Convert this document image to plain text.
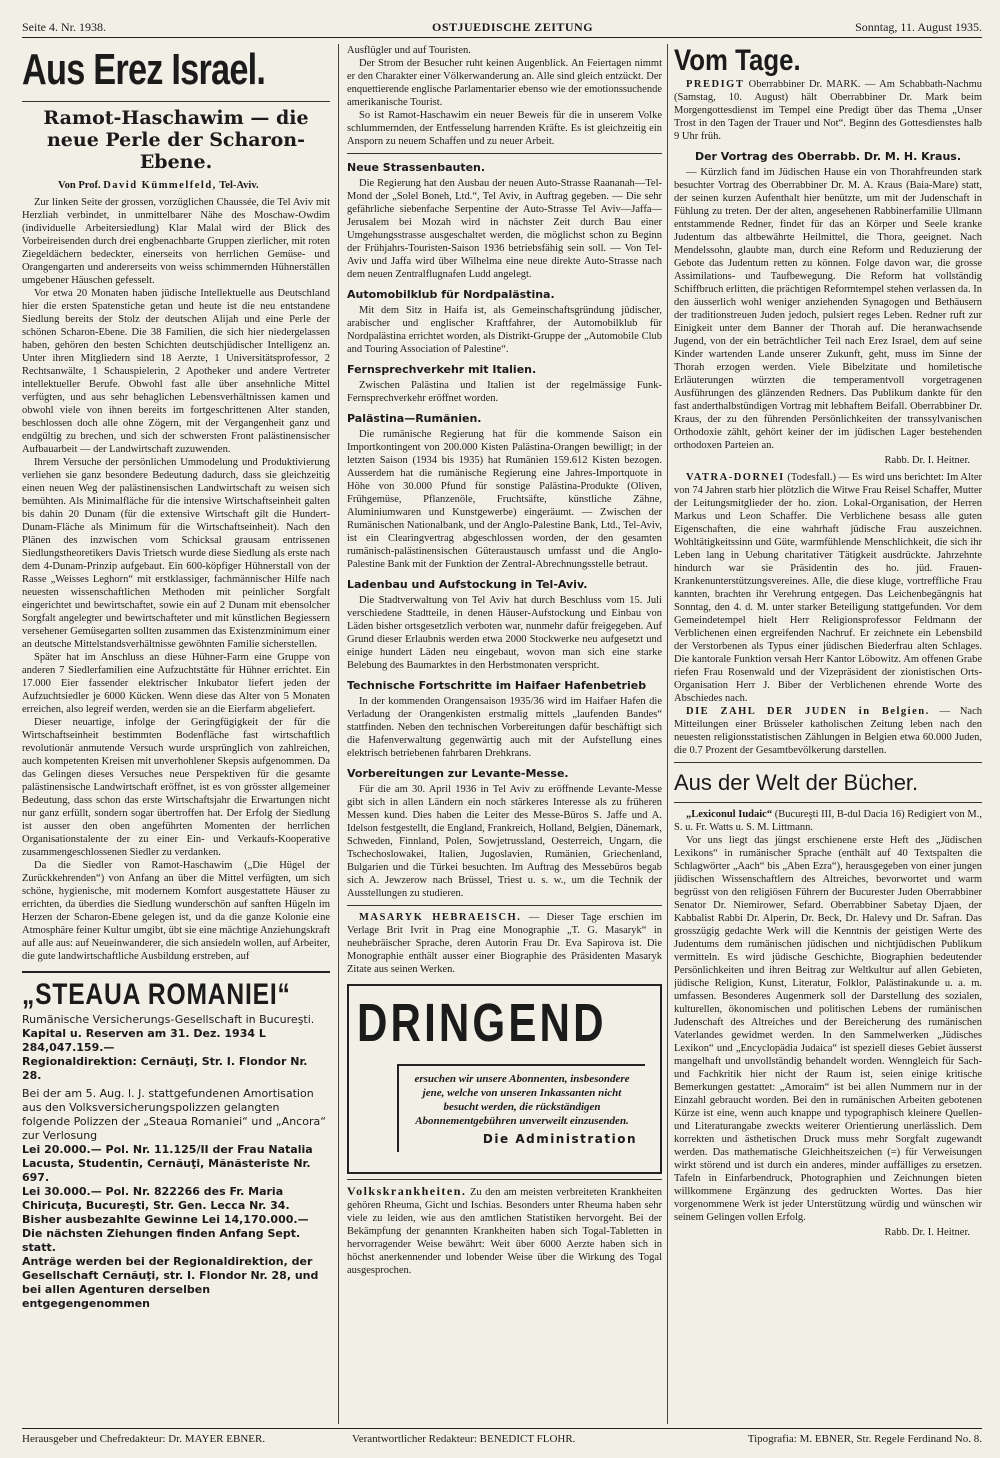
Seite 4. Nr. 1938.	OSTJUEDISCHE ZEITUNG	Sonntag, 11. August 1935.
Aus Erez Israel.
Ramot-Haschawim — die neue Perle der Scharon-Ebene.
Von Prof. David Kümmelfeld, Tel-Aviv.

Zur linken Seite der grossen, vorzüglichen Chaussée, die Tel Aviv mit Herzliah verbindet, in unmittelbarer Nähe des Moschaw-Owdim (individuelle Arbeitersiedlung) Klar Malal wird der Blick des Vorbeireisenden durch drei engbenachbarte Gruppen zierlicher, mit roten Ziegeldächern bedeckter, einerseits von herrlichen Gemüse- und Orangengarten und andererseits von weiss schimmernden Hühnerställen umgebener Häuschen gefesselt.

Vor etwa 20 Monaten haben jüdische Intellektuelle aus Deutschland hier die ersten Spatenstiche getan und heute ist die neu entstandene Siedlung bereits der Stolz der deutschen Alijah und eine Perle der schönen Scharon-Ebene. Die 38 Familien, die sich hier niedergelassen haben, gehören den besten Schichten deutschjüdischer Intelligenz an. Unter ihren Mitgliedern sind 18 Aerzte, 1 Universitätsprofessor, 2 Rechtsanwälte, 1 Schauspielerin, 2 Apotheker und andere Vertreter intellektueller Berufe. Obwohl fast alle über ansehnliche Mittel verfügten, und aus sehr behaglichen Lebensverhältnissen kamen und obwohl viele von ihnen bereits im fortgeschrittenen Alter standen, beschlossen doch alle ohne Zögern, mit der Vergangenheit ganz und endgültig zu brechen, und sich der schwersten Front palästinensischer Aufbauarbeit — der Landwirtschaft zuzuwenden.

Ihrem Versuche der persönlichen Ummodelung und Produktivierung verliehen sie ganz besondere Bedeutung dadurch, dass sie gleichzeitig einen neuen Weg der palästinensischen Landwirtschaft zu weisen sich bemühten. Als Minimalfläche für die intensive Wirtschaftseinheit galten bis dahin 20 Dunam (für die extensive Wirtschaft gilt die Hundert-Dunam-Fläche als Minimum für die Wirtschaftseinheit). Nach den Plänen des inzwischen vom Schicksal grausam entrissenen Siedlungstheoretikers Davis Trietsch wurde diese Siedlung als erste nach dem 4-Dunam-Prinzip aufgebaut. Ein 600-köpfiger Hühnerstall von der Rasse „Weisses Leghorn“ mit erstklassiger, fachmännischer Hilfe nach neuesten wissenschaftlichen Methoden mit peinlicher Sorgfalt eingerichtet und bewirtschaftet, sowie ein auf 2 Dunam mit ebensolcher Sorgfalt angelegter und bewirtschafteter und mit künstlichen Begiessern versehener Gemüsegarten sollten zusammen das Existenzminimum einer an deutsche Mittelstandsverhältnisse gewöhnten Familie sicherstellen.

Später hat im Anschluss an diese Hühner-Farm eine Gruppe von anderen 7 Siedlerfamilien eine Aufzuchtstätte für Hühner errichtet. Ein 17.000 Eier fassender elektrischer Inkubator liefert jeden der Aufzuchtsiedler je 6000 Kücken. Wenn diese das Alter von 5 Monaten erreichen, also legreif werden, werden sie an die Eierfarm abgeliefert.

Dieser neuartige, infolge der Geringfügigkeit der für die Wirtschaftseinheit bestimmten Bodenfläche fast wirtschaftlich revolutionär anmutende Versuch wurde ursprünglich von zahlreichen, auch kompetenten Kreisen mit unverhohlener Skepsis aufgenommen. Da das Gelingen dieses Versuches neue Perspektiven für die gesamte palästinensische Landwirtschaft eröffnet, ist es von grösster allgemeiner Bedeutung, dass schon das erste Wirtschaftsjahr die Erwartungen nicht nur ganz erfüllt, sondern sogar übertroffen hat. Der Erfolg der Siedlung ist ausser den oben angeführten Momenten der herrlichen Organisationstalente der zu einer Ein- und Verkaufs-Kooperative zusammengeschlossenen Siedler zu verdanken.

Da die Siedler von Ramot-Haschawim („Die Hügel der Zurückkehrenden“) von Anfang an über die Mittel verfügten, um sich schöne, hygienische, mit modernem Komfort ausgestattete Häuser zu errichten, da überdies die Siedlung wunderschön auf sanften Hügeln im Herzen der Scharon-Ebene gelegen ist, und da die ganze Kolonie eine Atmosphäre feiner Kultur umgibt, übt sie eine mächtige Anziehungskraft auf alle aus: auf Neueinwanderer, die sich ansiedeln wollen, auf Arbeiter, die gute landwirtschaftliche Ausbildung erstreben, auf

„STEAUA ROMANIEI“
Rumänische Versicherungs-Gesellschaft in Bucureşti.
Kapital u. Reserven am 31. Dez. 1934 L 284,047.159.—
Regionaldirektion: Cernăuţi, Str. I. Flondor Nr. 28.
Bei der am 5. Aug. l. J. stattgefundenen Amortisation aus den Volksversicherungspolizzen gelangten folgende Polizzen der „Steaua Romaniei“ und „Ancora“ zur Verlosung
Lei 20.000.— Pol. Nr. 11.125/II der Frau Natalia Lacusta, Studentin, Cernăuţi, Mănăsteriste Nr. 697.
Lei 30.000.— Pol. Nr. 822266 des Fr. Maria Chiricuţa, Bucureşti, Str. Gen. Lecca Nr. 34.
Bisher ausbezahlte Gewinne Lei 14,170.000.—
Die nächsten Ziehungen finden Anfang Sept. statt.
Anträge werden bei der Regionaldirektion, der Gesellschaft Cernăuţi, str. I. Flondor Nr. 28, und bei allen Agenturen derselben entgegengenommen

Ausflügler und auf Touristen.

Der Strom der Besucher ruht keinen Augenblick. An Feiertagen nimmt er den Charakter einer Völkerwanderung an. Alle sind gleich entzückt. Der enquettierende englische Parlamentarier ebenso wie der emotionssuchende amerikanische Tourist.

So ist Ramot-Haschawim ein neuer Beweis für die in unserem Volke schlummernden, der Entfesselung harrenden Kräfte. Es ist gleichzeitig ein Ansporn zu neuem Schaffen und zu neuer Arbeit.

Neue Strassenbauten.

Die Regierung hat den Ausbau der neuen Auto-Strasse Raananah—Tel-Mond der „Solel Boneh, Ltd.“, Tel Aviv, in Auftrag gegeben. — Die sehr gefährliche siebenfache Serpentine der Auto-Strasse Tel Aviv—Jaffa—Jerusalem bei Mozah wird in nächster Zeit durch Bau einer Umgehungsstrasse ausgeschaltet werden, die möglichst schon zu Beginn der Frühjahrs-Touristen-Saison 1936 betriebsfähig sein soll. — Von Tel-Aviv und Jaffa wird über Wilhelma eine neue direkte Auto-Strasse nach dem neuen Zentralflugnafen Ludd angelegt.

Automobilklub für Nordpalästina.

Mit dem Sitz in Haifa ist, als Gemeinschaftsgründung jüdischer, arabischer und englischer Kraftfahrer, der Automobilklub für Nordpalästina errichtet worden, als Distrikt-Gruppe der „Automobile Club and Touring Association of Palestine“.

Fernsprechverkehr mit Italien.

Zwischen Palästina und Italien ist der regelmässige Funk-Fernsprechverkehr eröffnet worden.

Palästina—Rumänien.

Die rumänische Regierung hat für die kommende Saison ein Importkontingent von 200.000 Kisten Palästina-Orangen bewilligt; in der letzten Saison (1934 bis 1935) hat Rumänien 159.612 Kisten bezogen. Ausserdem hat die rumänische Regierung eine Jahres-Importquote in Höhe von 30.000 Pfund für sonstige Palästina-Produkte (Oliven, Frühgemüse, Pflanzenöle, Fruchtsäfte, künstliche Zähne, Aluminiumwaren und Kunstgewerbe) eingeräumt. — Zwischen der Rumänischen Nationalbank, und der Anglo-Palestine Bank, Ltd., Tel-Aviv, ist ein Clearingvertrag abgeschlossen worden, der den gesamten rumänisch-palästinensischen Güteraustausch umfasst und die Anglo-Palestine Bank mit der Funktion der Zentral-Abrechnungsstelle betraut.

Ladenbau und Aufstockung in Tel-Aviv.

Die Stadtverwaltung von Tel Aviv hat durch Beschluss vom 15. Juli verschiedene Stadtteile, in denen Häuser-Aufstockung und Einbau von Läden bisher ortsgesetzlich verboten war, nunmehr dafür freigegeben. Auf Grund dieser Erlaubnis werden etwa 2000 Stockwerke neu aufgesetzt und einige hundert Läden neu eingebaut, wovon man sich eine starke Belebung des Baumarktes in den Herbstmonaten verspricht.

Technische Fortschritte im Haifaer Hafenbetrieb

In der kommenden Orangensaison 1935/36 wird im Haifaer Hafen die Verladung der Orangenkisten erstmalig mittels „laufenden Bandes“ stattfinden. Neben den technischen Vorbereitungen dafür beschäftigt sich die Hafenverwaltung gegenwärtig auch mit der Aufstellung eines elektrisch betriebenen fahrbaren Drehkrans.

Vorbereitungen zur Levante-Messe.

Für die am 30. April 1936 in Tel Aviv zu eröffnende Levante-Messe gibt sich in allen Ländern ein noch stärkeres Interesse als zu früheren Messen kund. Dies haben die Leiter des Messe-Büros S. Jaffe und A. Idelson festgestellt, die England, Frankreich, Holland, Belgien, Dänemark, Schweden, Finnland, Polen, Sowjetrussland, Oesterreich, Ungarn, die Tschechoslowakei, Italien, Jugoslavien, Rumänien, Griechenland, Bulgarien und die Türkei besuchten. Im Auftrag des Messebüros begab sich A. Jewzerow nach Brüssel, Triest u. s. w., um die Technik der Ausstellungen zu studieren.

MASARYK HEBRAEISCH. — Dieser Tage erschien im Verlage Brit Ivrit in Prag eine Monographie „T. G. Masaryk“ in neuhebräischer Sprache, deren Autorin Frau Dr. Eva Sapirova ist. Die Monographie enthält ausser einer Biographie des Präsidenten Masaryk Zitate aus seinen Werken.

DRINGEND
ersuchen wir unsere Abonnenten, insbesondere jene, welche von unseren Inkassanten nicht besucht werden, die rückständigen Abonnementgebühren unverweilt einzusenden.
Die Administration

Volkskrankheiten. Zu den am meisten verbreiteten Krankheiten gehören Rheuma, Gicht und Ischias. Besonders unter Rheuma haben sehr viele zu leiden, wie aus den amtlichen Statistiken hervorgeht. Bei der Bekämpfung der genannten Krankheiten haben sich Togal-Tabletten in hervorragender Weise bewährt: Weit über 6000 Aerzte haben sich in höchst anerkennender und lobender Weise über die Wirkung des Togal ausgesprochen.

Vom Tage.

PREDIGT Oberrabbiner Dr. MARK. — Am Schabbath-Nachmu (Samstag, 10. August) hält Oberrabbiner Dr. Mark beim Morgengottesdienst im Tempel eine Predigt über das Thema „Unser Trost in den Tagen der Trauer und Not“. Beginn des Gottesdienstes halb 9 Uhr früh.

Der Vortrag des Oberrabb. Dr. M. H. Kraus.

— Kürzlich fand im Jüdischen Hause ein von Thorahfreunden stark besuchter Vortrag des Oberrabbiner Dr. M. A. Kraus (Baia-Mare) statt, der seinen kurzen Aufenthalt hier benützte, um mit der Judenschaft in Fühlung zu treten. Der der alten, angesehenen Rabbinerfamilie Ullmann entstammende Redner, findet für das an Körper und Seele kranke Judentum das altbewährte Heilmittel, die Thora, geeignet. Nach Mendelssohn, glaubte man, durch eine Reform und Reduzierung der Gebote das Judentum retten zu können. Folge davon war, die grosse Assimilations- und Taufbewegung. Die Reform hat vollständig Schiffbruch erlitten, die prächtigen Reformtempel stehen verlassen da. In den äusserlich wohl weniger anziehenden Synagogen und Bethäusern der traditionstreuen Juden jedoch, pulsiert reges Leben. Redner ruft zur Einigkeit unter dem Banner der Thorah auf. Die heranwachsende Jugend, von der ein beträchtlicher Teil nach Erez Israel, dem auf seine Kinder wartenden Lande unserer Zukunft, geht, muss im Sinne der Thorah erzogen werden. Viele Bibelzitate und homiletische Erläuterungen würzten die temperamentvoll vorgetragenen Ausführungen des glänzenden Redners. Das Publikum dankte für den fast anderthalbstündigen Vortrag mit lebhaftem Beifall. Oberrabbiner Dr. Kraus, der zu den führenden Persönlichkeiten der transsylvanischen Orthodoxie zählt, gehört keiner der im jüdischen Lager bestehenden orthodoxen Parteien an.

Rabb. Dr. I. Heitner.

VATRA-DORNEI (Todesfall.) — Es wird uns berichtet: Im Alter von 74 Jahren starb hier plötzlich die Witwe Frau Reisel Schaffer, Mutter der Leitungsmitglieder der ho. zion. Lokal-Organisation, der Herren Markus und Leon Schaffer. Die Verblichene besass alle guten Eigenschaften, die eine wahrhaft jüdische Frau auszeichnen. Wohltätigkeitssinn und Güte, warmfühlende Menschlichkeit, die sich ihr Leben lang in Uebung charitativer Tätigkeit ausdrückte. Jahrzehnte hindurch war sie Präsidentin des ho. jüd. Frauen-Krankenunterstützungsvereines. Alle, die diese kluge, vortreffliche Frau kannten, brachten ihr Verehrung entgegen. Das Leichenbegängnis hat Sonntag, den 4. d. M. unter starker Beteiligung stattgefunden. Vor dem Gemeindetempel hielt Herr Religionsprofessor Feldmann der Verblichenen einen ergreifenden Nachruf. Er zeichnete ein Lebensbild der Verstorbenen als Typus einer jüdischen Biederfrau alten Schlages. Die kantorale Funktion versah Herr Kantor Löbowitz. Am offenen Grabe riefen Frau Rosenwald und der Vizepräsident der zionistischen Orts-Organisation Herr J. Biber der Verblichenen ehrende Worte des Abschiedes nach.

DIE ZAHL DER JUDEN in Belgien. — Nach Mitteilungen einer Brüsseler katholischen Zeitung leben nach den neuesten religionsstatistischen Zählungen in Belgien etwa 60.000 Juden, die 0.7 Prozent der Gesamtbevölkerung darstellen.

Aus der Welt der Bücher.

„Lexiconul Iudaic“ (Bucureşti III, B-dul Dacia 16) Redigiert von M., S. u. Fr. Watts u. S. M. Littmann.

Vor uns liegt das jüngst erschienene erste Heft des „Jüdischen Lexikons“ in rumänischer Sprache (enthält auf 40 Textspalten die Schlagwörter „Aach“ bis „Aben Ezra“), herausgegeben von einer jungen jüdischen Wissenschaftlern des Altreiches, bevorwortet und warm begrüsst von den religiösen Führern der Bucurester Juden Oberrabbiner Senator Dr. Niemirower, Sefard. Oberrabbiner Sabetay Djaen, der Kabbalist Rabbi Dr. Alperin, Dr. Beck, Dr. Halevy und Dr. Safran. Das grosszügig gedachte Werk will die Kenntnis der geistigen Werte des Judentums dem rumänischen jüdischen und nichtjüdischen Publikum vermitteln. Es wird jüdische Geschichte, Biographien bedeutender Persönlichkeiten und ihren Beitrag zur Weltkultur auf allen Gebieten, jüdische Religion, Kunst, Literatur, Folklor, Palästinakunde u. a. m. umfassen. Besonderes Augenmerk soll der Darstellung des sozialen, kulturellen, ökonomischen und politischen Lebens der rumänischen Judenschaft des Altreiches und der Bereicherung des rumänischen Vaterlandes gewidmet werden. In den Sammelwerken „Jüdisches Lexikon“ und „Encyclopädia Judaica“ ist speziell dieses Gebiet äusserst mangelhaft und unvollständig behandelt worden. Wenngleich für Sach- und Fachkritik hier nicht der Raum ist, seien einige kritische Bemerkungen gestattet: „Amoraim“ ist bei allen Nummern nur in der Einzahl gebraucht worden. Bei den in rumänischen Arbeiten gebotenen Kürze ist eine, wenn auch knappe und typographisch kleinere Quellen- und Literaturangabe zweckts weiterer Orientierung unerlässlich. Dem korrekten und ästhetischen Druck muss mehr Sorgfalt zugewandt werden. Das mathematische Gleichheitszeichen (=) für Verweisungen wirkt störend und ist durch ein anderes, minder auffälliges zu ersetzen. Tafeln in Einfarbendruck, Photographien und Zeichnungen bieten willkommene Ergänzung des gedruckten Wortes. Das hier vorgenommene Werk ist jeder Unterstützung würdig und wünschen wir seinem Gelingen vollen Erfolg.

Rabb. Dr. I. Heitner.
Herausgeber und Chefredakteur: Dr. MAYER EBNER.	Verantwortlicher Redakteur: BENEDICT FLOHR.	Tipografia: M. EBNER, Str. Regele Ferdinand No. 8.
